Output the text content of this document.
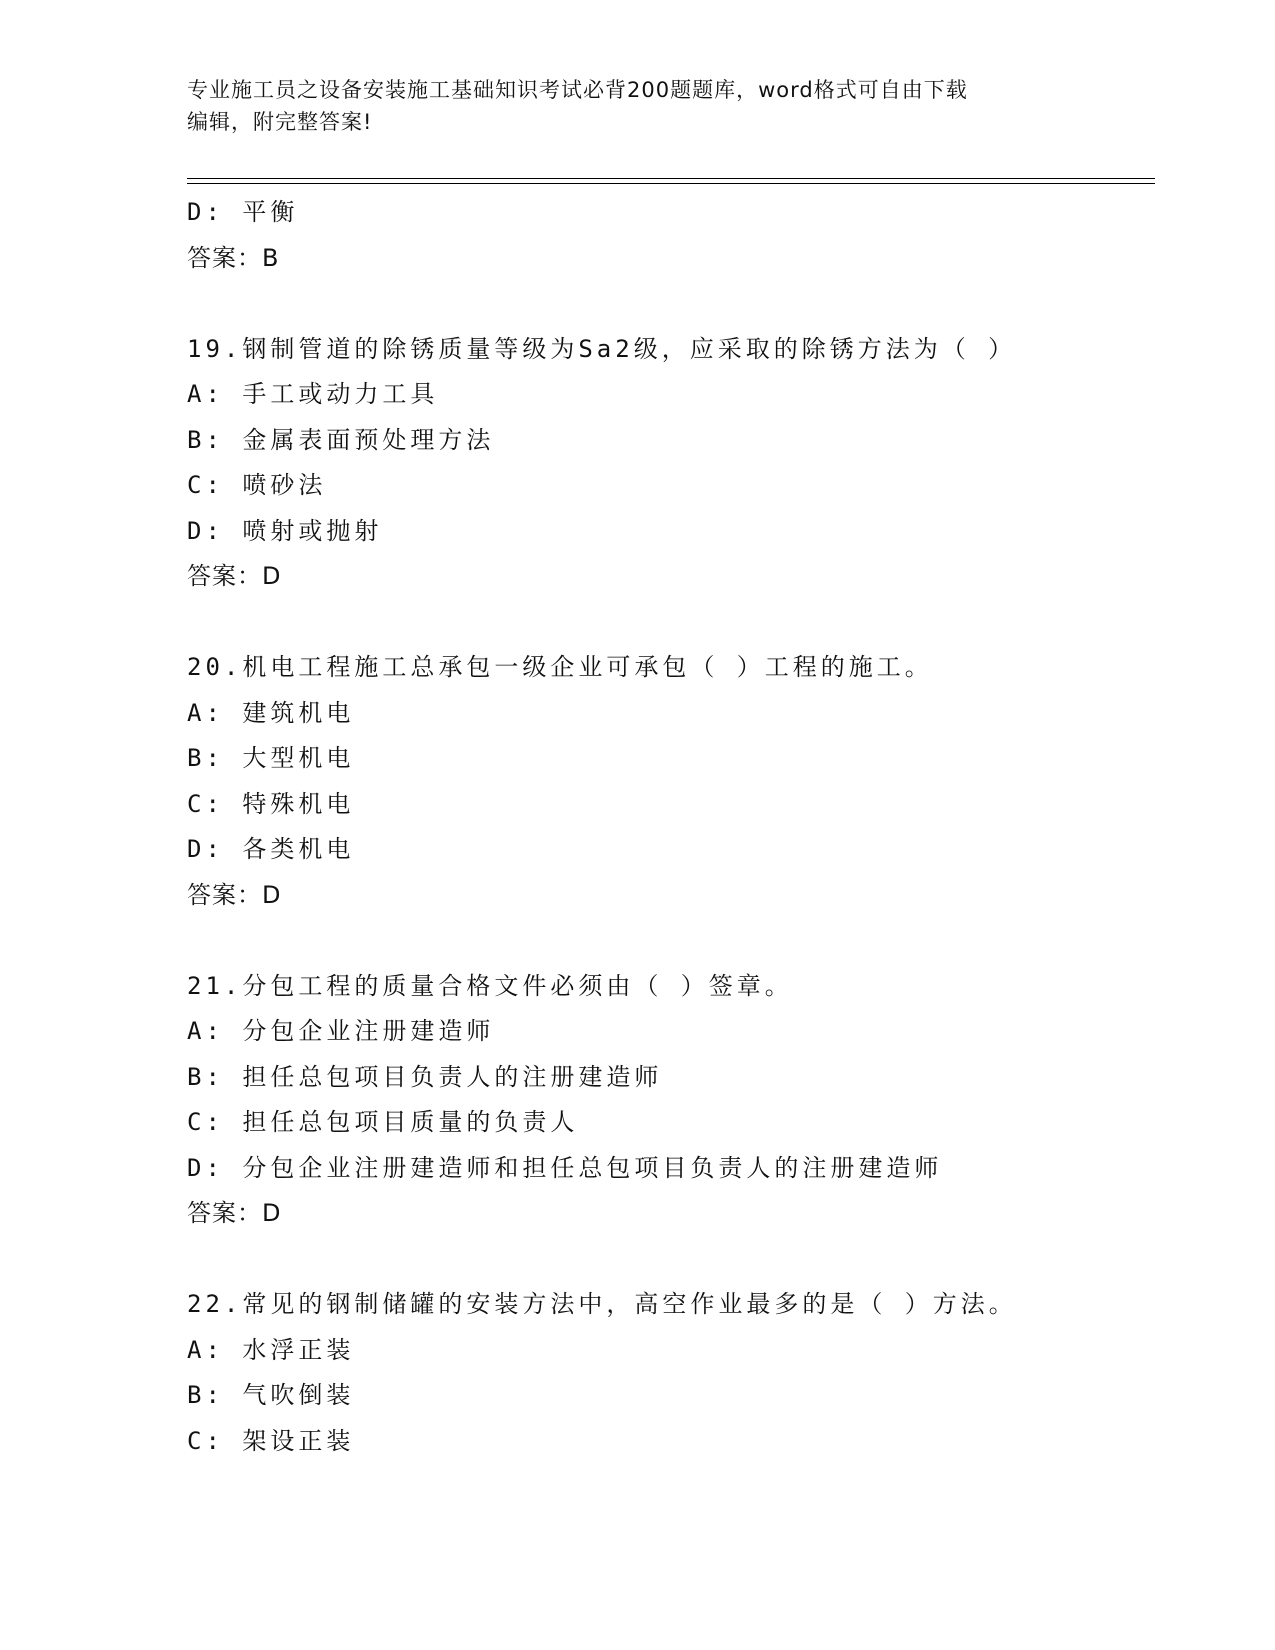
专业施工员之设备安装施工基础知识考试必背200题题库，word格式可自由下载
编辑，附完整答案!
D: 平衡
答案：B
19.钢制管道的除锈质量等级为Sa2级，应采取的除锈方法为（ ）
A: 手工或动力工具
B: 金属表面预处理方法
C: 喷砂法
D: 喷射或抛射
答案：D
20.机电工程施工总承包一级企业可承包（ ）工程的施工。
A: 建筑机电
B: 大型机电
C: 特殊机电
D: 各类机电
答案：D
21.分包工程的质量合格文件必须由（ ）签章。
A: 分包企业注册建造师
B: 担任总包项目负责人的注册建造师
C: 担任总包项目质量的负责人
D: 分包企业注册建造师和担任总包项目负责人的注册建造师
答案：D
22.常见的钢制储罐的安装方法中，高空作业最多的是（ ）方法。
A: 水浮正装
B: 气吹倒装
C: 架设正装
